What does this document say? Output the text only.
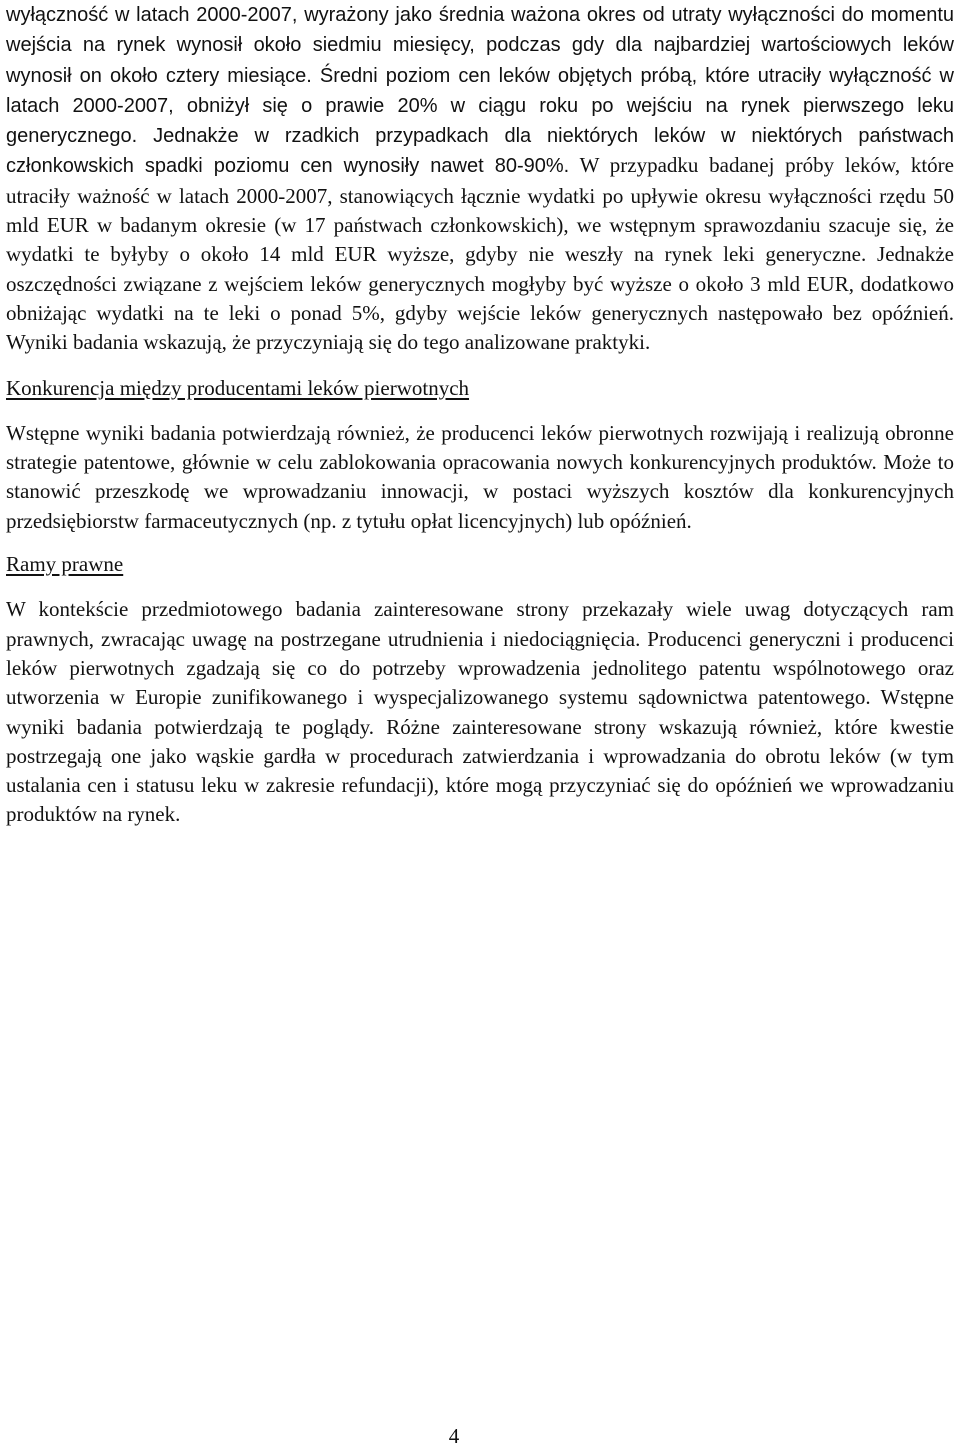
wyłączność w latach 2000-2007, wyrażony jako średnia ważona okres od utraty wyłączności do momentu wejścia na rynek wynosił około siedmiu miesięcy, podczas gdy dla najbardziej wartościowych leków wynosił on około cztery miesiące. Średni poziom cen leków objętych próbą, które utraciły wyłączność w latach 2000-2007, obniżył się o prawie 20% w ciągu roku po wejściu na rynek pierwszego leku generycznego. Jednakże w rzadkich przypadkach dla niektórych leków w niektórych państwach członkowskich spadki poziomu cen wynosiły nawet 80-90%. W przypadku badanej próby leków, które utraciły ważność w latach 2000-2007, stanowiących łącznie wydatki po upływie okresu wyłączności rzędu 50 mld EUR w badanym okresie (w 17 państwach członkowskich), we wstępnym sprawozdaniu szacuje się, że wydatki te byłyby o około 14 mld EUR wyższe, gdyby nie weszły na rynek leki generyczne. Jednakże oszczędności związane z wejściem leków generycznych mogłyby być wyższe o około 3 mld EUR, dodatkowo obniżając wydatki na te leki o ponad 5%, gdyby wejście leków generycznych następowało bez opóźnień. Wyniki badania wskazują, że przyczyniają się do tego analizowane praktyki.

Konkurencja między producentami leków pierwotnych

Wstępne wyniki badania potwierdzają również, że producenci leków pierwotnych rozwijają i realizują obronne strategie patentowe, głównie w celu zablokowania opracowania nowych konkurencyjnych produktów. Może to stanowić przeszkodę we wprowadzaniu innowacji, w postaci wyższych kosztów dla konkurencyjnych przedsiębiorstw farmaceutycznych (np. z tytułu opłat licencyjnych) lub opóźnień.

Ramy prawne

W kontekście przedmiotowego badania zainteresowane strony przekazały wiele uwag dotyczących ram prawnych, zwracając uwagę na postrzegane utrudnienia i niedociągnięcia. Producenci generyczni i producenci leków pierwotnych zgadzają się co do potrzeby wprowadzenia jednolitego patentu wspólnotowego oraz utworzenia w Europie zunifikowanego i wyspecjalizowanego systemu sądownictwa patentowego. Wstępne wyniki badania potwierdzają te poglądy. Różne zainteresowane strony wskazują również, które kwestie postrzegają one jako wąskie gardła w procedurach zatwierdzania i wprowadzania do obrotu leków (w tym ustalania cen i statusu leku w zakresie refundacji), które mogą przyczyniać się do opóźnień we wprowadzaniu produktów na rynek.

4
